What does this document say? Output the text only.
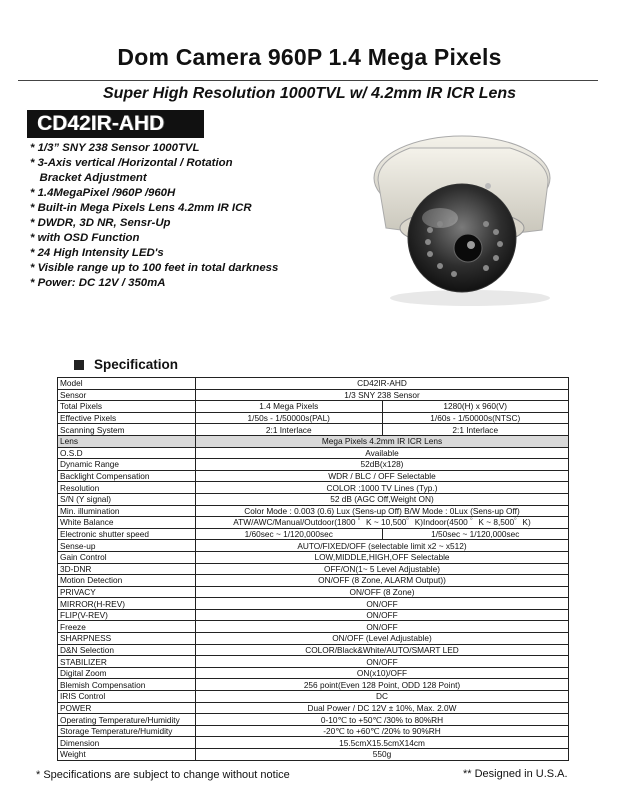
Dom Camera 960P 1.4 Mega Pixels
Super High Resolution 1000TVL w/ 4.2mm IR ICR Lens
CD42IR-AHD
* 1/3” SNY 238 Sensor 1000TVL
* 3-Axis vertical /Horizontal / Rotation
Bracket Adjustment
* 1.4MegaPixel /960P /960H
* Built-in Mega Pixels Lens 4.2mm IR ICR
* DWDR, 3D NR, Sensr-Up
* with OSD Function
* 24 High Intensity LED's
* Visible range up to 100 feet in total darkness
* Power: DC 12V / 350mA
Specification
Model	CD42IR-AHD	
Sensor	1/3 SNY 238 Sensor	
Total Pixels	1.4 Mega Pixels	1280(H) x 960(V)
Effective Pixels	1/50s - 1/50000s(PAL)	1/60s - 1/50000s(NTSC)
Scanning System	2:1 Interlace	2:1 Interlace
Lens	Mega Pixels 4.2mm IR ICR Lens	
O.S.D	Available	
Dynamic Range	52dB(x128)	
Backlight Compensation	WDR / BLC / OFF Selectable	
Resolution	COLOR :1000 TV Lines (Typ.)	
S/N (Y signal)	52 dB (AGC Off,Weight ON)	
Min. illumination	Color Mode : 0.003 (0.6) Lux (Sens-up Off) B/W Mode : 0Lux (Sens-up Off)	
White Balance	ATW/AWC/Manual/Outdoor(1800 ゜K ~ 10,500゜K)Indoor(4500 ゜K ~ 8,500゜K)	
Electronic shutter speed	1/60sec ~ 1/120,000sec	1/50sec ~ 1/120,000sec
Sense-up	AUTO/FIXED/OFF (selectable limit x2 ~ x512)	
Gain Control	LOW,MIDDLE,HIGH,OFF Selectable	
3D-DNR	OFF/ON(1~ 5 Level Adjustable)	
Motion Detection	ON/OFF (8 Zone, ALARM Output))	
PRIVACY	ON/OFF (8 Zone)	
MIRROR(H-REV)	ON/OFF	
FLIP(V-REV)	ON/OFF	
Freeze	ON/OFF	
SHARPNESS	ON/OFF (Level Adjustable)	
D&N Selection	COLOR/Black&White/AUTO/SMART LED	
STABILIZER	ON/OFF	
Digital Zoom	ON(x10)/OFF	
Blemish Compensation	256 point(Even 128 Point, ODD 128 Point)	
IRIS Control	DC	
POWER	Dual Power / DC 12V ± 10%, Max. 2.0W	
Operating Temperature/Humidity	0-10℃ to +50℃ /30% to 80%RH	
Storage Temperature/Humidity	-20℃ to +60℃ /20% to 90%RH	
Dimension	15.5cmX15.5cmX14cm	
Weight	550g	
* Specifications are subject to change without notice	** Designed in U.S.A.
